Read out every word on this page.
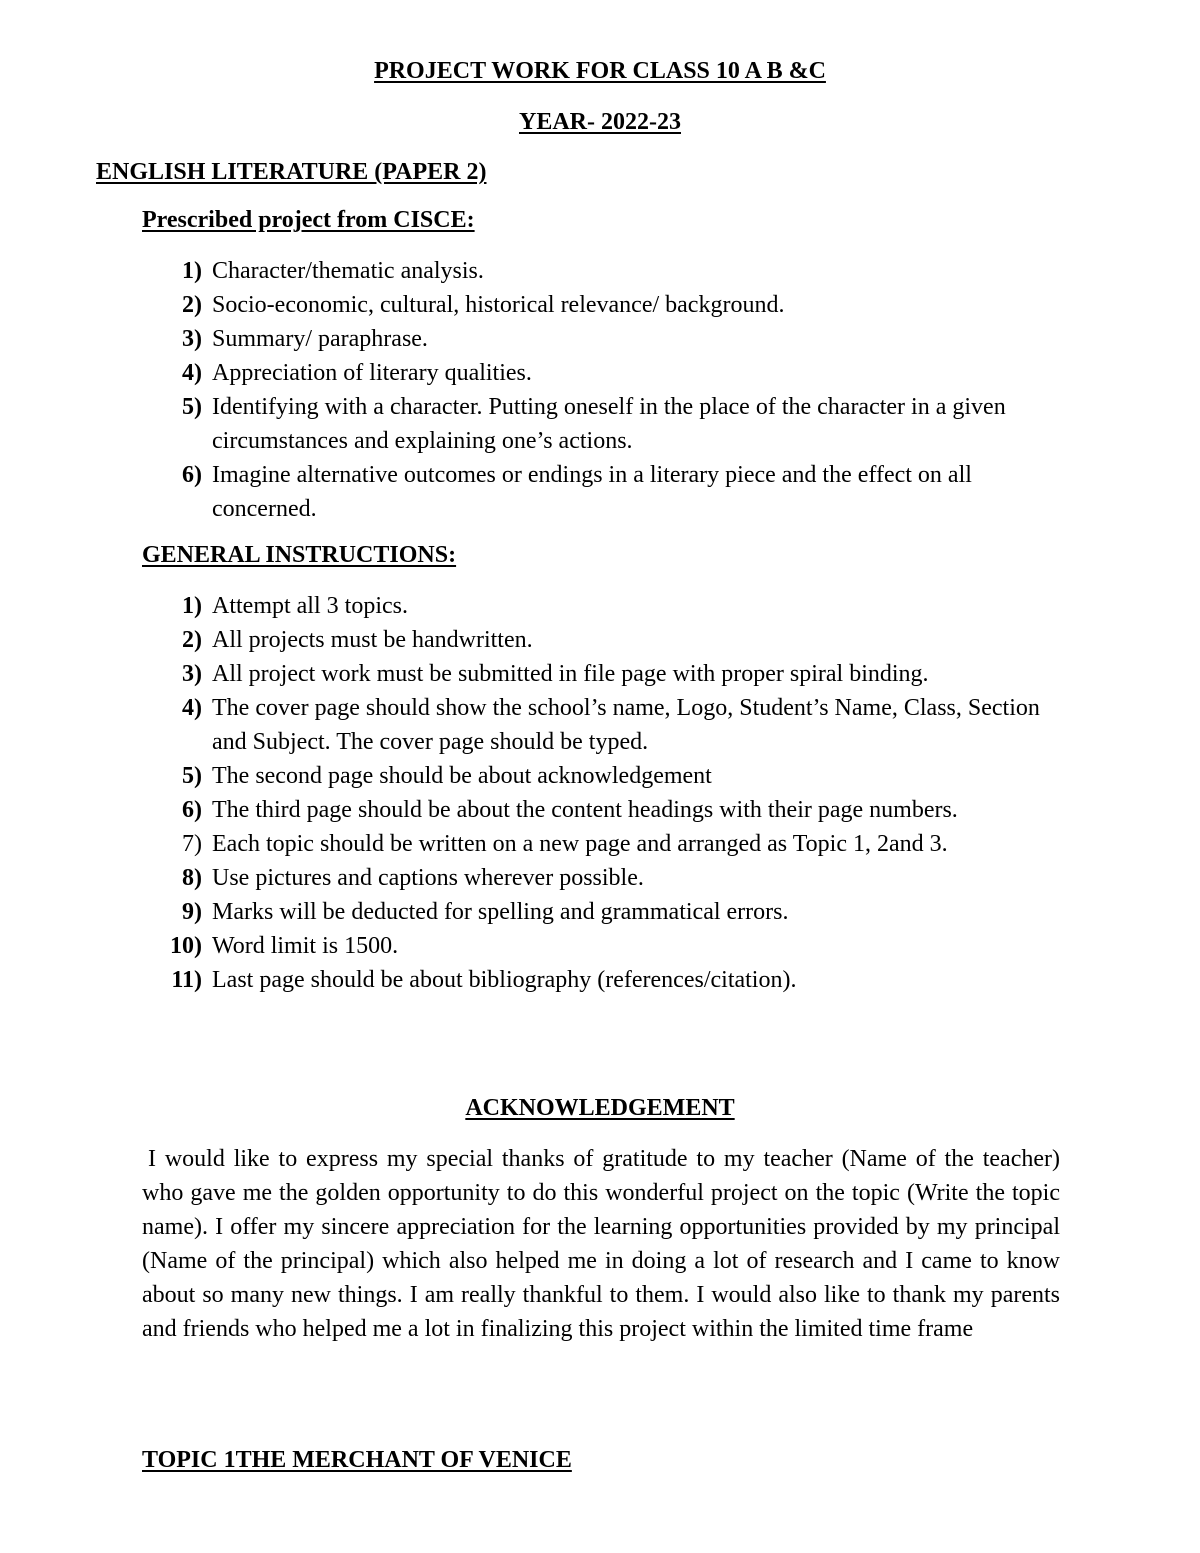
PROJECT WORK FOR CLASS 10 A B &C
YEAR- 2022-23
ENGLISH LITERATURE (PAPER 2)
Prescribed project from CISCE:
1) Character/thematic analysis.
2) Socio-economic, cultural, historical relevance/ background.
3) Summary/ paraphrase.
4) Appreciation of literary qualities.
5) Identifying with a character. Putting oneself in the place of the character in a given circumstances and explaining one’s actions.
6) Imagine alternative outcomes or endings in a literary piece and the effect on all concerned.
GENERAL INSTRUCTIONS:
1) Attempt all 3 topics.
2) All projects must be handwritten.
3) All project work must be submitted in file page with proper spiral binding.
4) The cover page should show the school’s name, Logo, Student’s Name, Class, Section and Subject. The cover page should be typed.
5) The second page should be about acknowledgement
6) The third page should be about the content headings with their page numbers.
7) Each topic should be written on a new page and arranged as Topic 1, 2and 3.
8) Use pictures and captions wherever possible.
9) Marks will be deducted for spelling and grammatical errors.
10) Word limit is 1500.
11) Last page should be about bibliography (references/citation).
ACKNOWLEDGEMENT

I would like to express my special thanks of gratitude to my teacher (Name of the teacher) who gave me the golden opportunity to do this wonderful project on the topic (Write the topic name). I offer my sincere appreciation for the learning opportunities provided by my principal (Name of the principal) which also helped me in doing a lot of research and I came to know about so many new things. I am really thankful to them. I would also like to thank my parents and friends who helped me a lot in finalizing this project within the limited time frame

TOPIC 1THE MERCHANT OF VENICE
